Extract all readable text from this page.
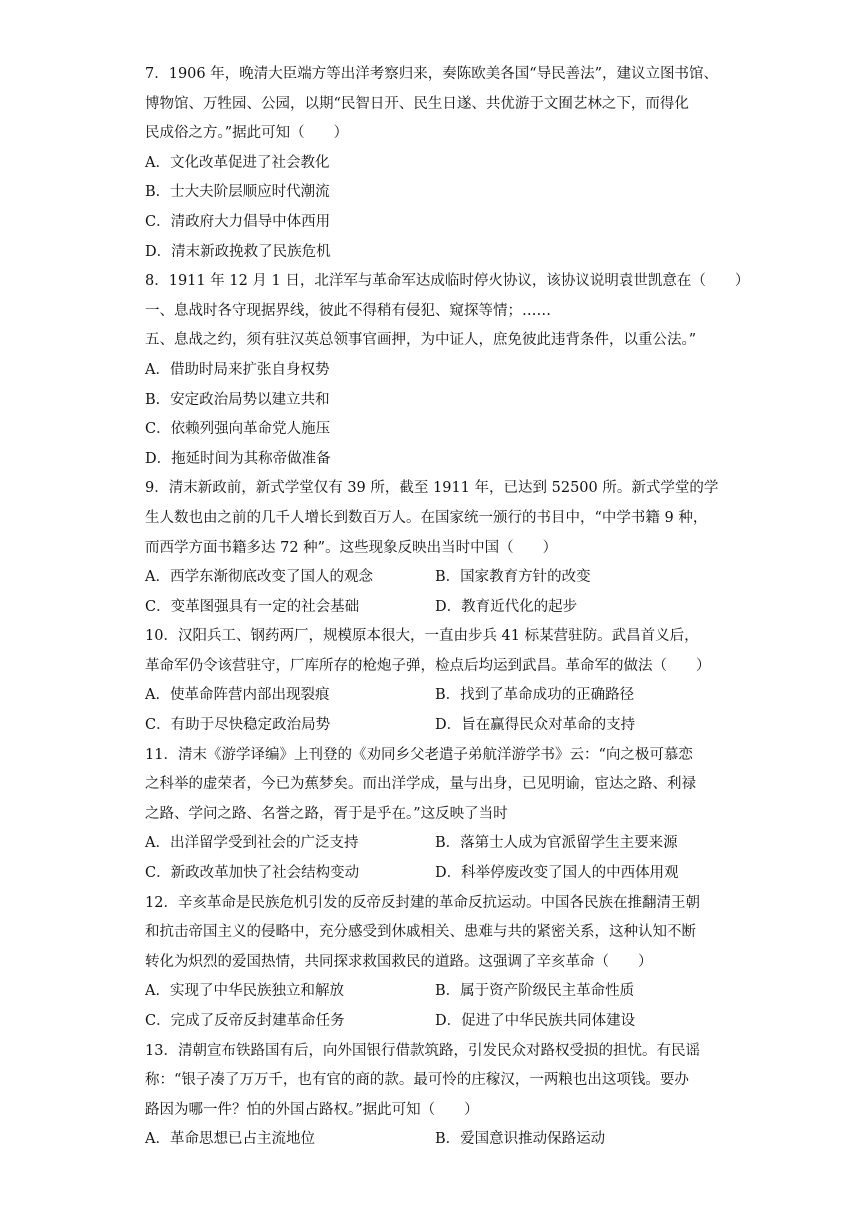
7．1906 年，晚清大臣端方等出洋考察归来，奏陈欧美各国“导民善法”，建议立图书馆、
博物馆、万牲园、公园，以期“民智日开、民生日遂、共优游于文囿艺林之下，而得化
民成俗之方。”据此可知（　　）
A．文化改革促进了社会教化
B．士大夫阶层顺应时代潮流
C．清政府大力倡导中体西用
D．清末新政挽救了民族危机
8．1911 年 12 月 1 日，北洋军与革命军达成临时停火协议，该协议说明袁世凯意在（　　）
一、息战时各守现据界线，彼此不得稍有侵犯、窥探等情；……
五、息战之约，须有驻汉英总领事官画押，为中证人，庶免彼此违背条件，以重公法。”
A．借助时局来扩张自身权势
B．安定政治局势以建立共和
C．依赖列强向革命党人施压
D．拖延时间为其称帝做准备
9．清末新政前，新式学堂仅有 39 所，截至 1911 年，已达到 52500 所。新式学堂的学
生人数也由之前的几千人增长到数百万人。在国家统一颁行的书目中，“中学书籍 9 种，
而西学方面书籍多达 72 种”。这些现象反映出当时中国（　　）
A．西学东渐彻底改变了国人的观念	B．国家教育方针的改变
C．变革图强具有一定的社会基础	D．教育近代化的起步
10．汉阳兵工、钢药两厂，规模原本很大，一直由步兵 41 标某营驻防。武昌首义后，
革命军仍令该营驻守，厂库所存的枪炮子弹，检点后均运到武昌。革命军的做法（　　）
A．使革命阵营内部出现裂痕	B．找到了革命成功的正确路径
C．有助于尽快稳定政治局势	D．旨在赢得民众对革命的支持
11．清末《游学译编》上刊登的《劝同乡父老遣子弟航洋游学书》云：“向之极可慕恋
之科举的虚荣者，今已为蕉梦矣。而出洋学成，量与出身，已见明谕，宦达之路、利禄
之路、学问之路、名誉之路，胥于是乎在。”这反映了当时
A．出洋留学受到社会的广泛支持	B．落第士人成为官派留学生主要来源
C．新政改革加快了社会结构变动	D．科举停废改变了国人的中西体用观
12．辛亥革命是民族危机引发的反帝反封建的革命反抗运动。中国各民族在推翻清王朝
和抗击帝国主义的侵略中，充分感受到休戚相关、患难与共的紧密关系，这种认知不断
转化为炽烈的爱国热情，共同探求救国救民的道路。这强调了辛亥革命（　　）
A．实现了中华民族独立和解放	B．属于资产阶级民主革命性质
C．完成了反帝反封建革命任务	D．促进了中华民族共同体建设
13．清朝宣布铁路国有后，向外国银行借款筑路，引发民众对路权受损的担忧。有民谣
称：“银子凑了万万千，也有官的商的款。最可怜的庄稼汉，一两粮也出这项钱。要办
路因为哪一件？怕的外国占路权。”据此可知（　　）
A．革命思想已占主流地位	B．爱国意识推动保路运动
